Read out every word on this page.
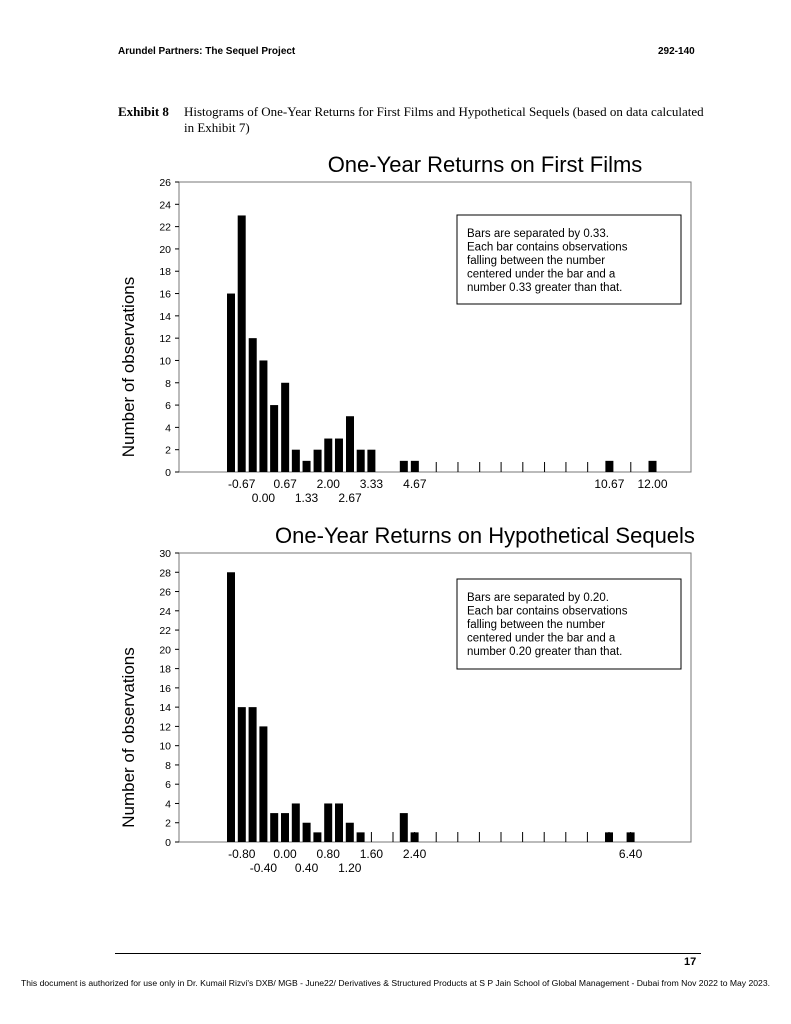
Arundel Partners: The Sequel Project	292-140
Exhibit 8 Histograms of One-Year Returns for First Films and Hypothetical Sequels (based on data calculated in Exhibit 7)
One-Year Returns on First Films
0
2
4
6
8
10
12
14
16
18
20
22
24
26
Number of observations
-0.67 0.67 2.00 3.33 4.67	10.67 12.00
0.00 1.33 2.67
Bars are separated by 0.33.
Each bar contains observations
falling between the number
centered under the bar and a
number 0.33 greater than that.
One-Year Returns on Hypothetical Sequels
0
2
4
6
8
10
12
14
16
18
20
22
24
26
28
30
Number of observations
-0.80 0.00 0.80 1.60 2.40	6.40
-0.40 0.40 1.20
Bars are separated by 0.20.
Each bar contains observations
falling between the number
centered under the bar and a
number 0.20 greater than that.
17
This document is authorized for use only in Dr. Kumail Rizvi's DXB/ MGB - June22/ Derivatives & Structured Products at S P Jain School of Global Management - Dubai from Nov 2022 to May 2023.
